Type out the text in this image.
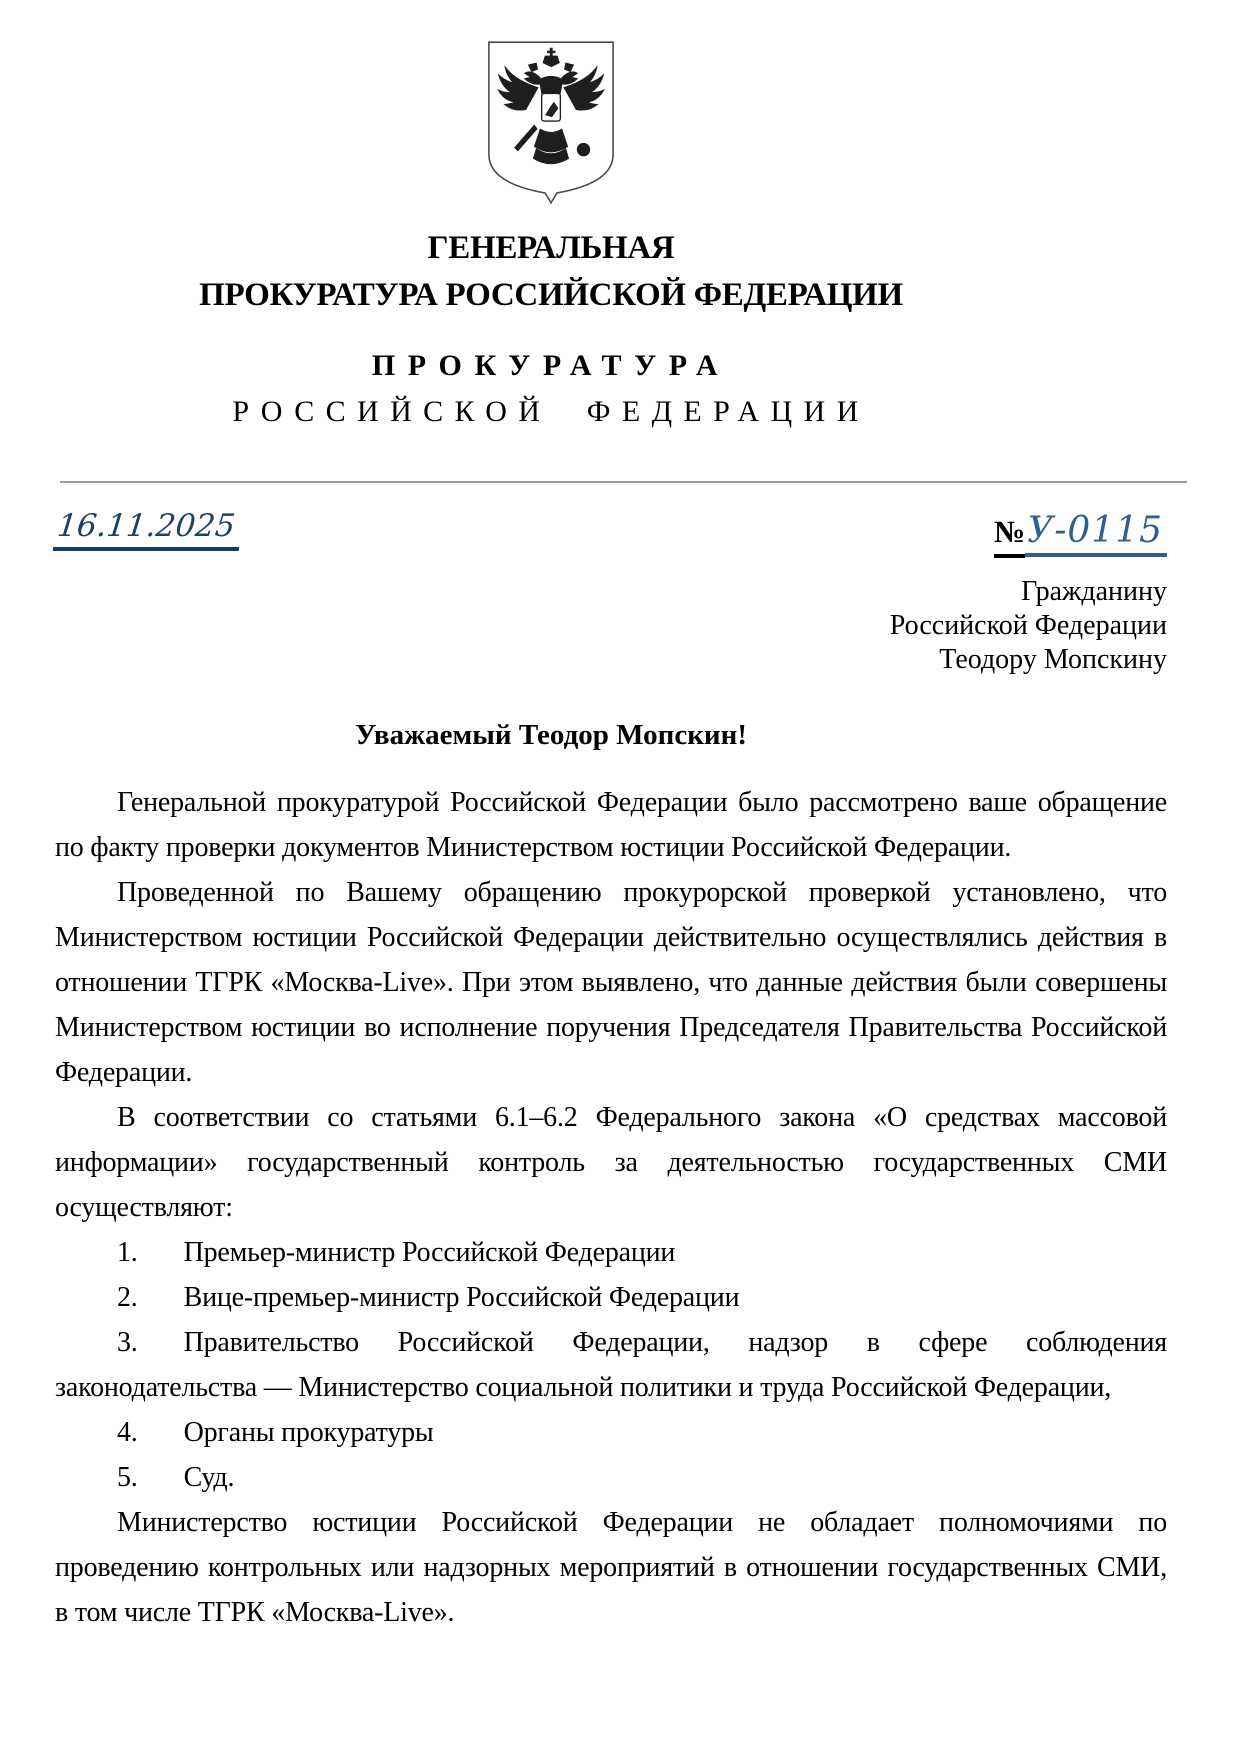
ГЕНЕРАЛЬНАЯ
ПРОКУРАТУРА РОССИЙСКОЙ ФЕДЕРАЦИИ
ПРОКУРАТУРА
РОССИЙСКОЙ ФЕДЕРАЦИИ
16.11.2025	№У-0115
Гражданину
Российской Федерации
Теодору Мопскину
Уважаемый Теодор Мопскин!

Генеральной прокуратурой Российской Федерации было рассмотрено ваше обращение по факту проверки документов Министерством юстиции Российской Федерации.

Проведенной по Вашему обращению прокурорской проверкой установлено, что Министерством юстиции Российской Федерации действительно осуществлялись действия в отношении ТГРК «Москва-Live». При этом выявлено, что данные действия были совершены Министерством юстиции во исполнение поручения Председателя Правительства Российской Федерации.

В соответствии со статьями 6.1–6.2 Федерального закона «О средствах массовой информации» государственный контроль за деятельностью государственных СМИ осуществляют:

1. Премьер-министр Российской Федерации
2. Вице-премьер-министр Российской Федерации
3. Правительство Российской Федерации, надзор в сфере соблюдения законодательства — Министерство социальной политики и труда Российской Федерации,
4. Органы прокуратуры
5. Суд.

Министерство юстиции Российской Федерации не обладает полномочиями по проведению контрольных или надзорных мероприятий в отношении государственных СМИ, в том числе ТГРК «Москва-Live».
